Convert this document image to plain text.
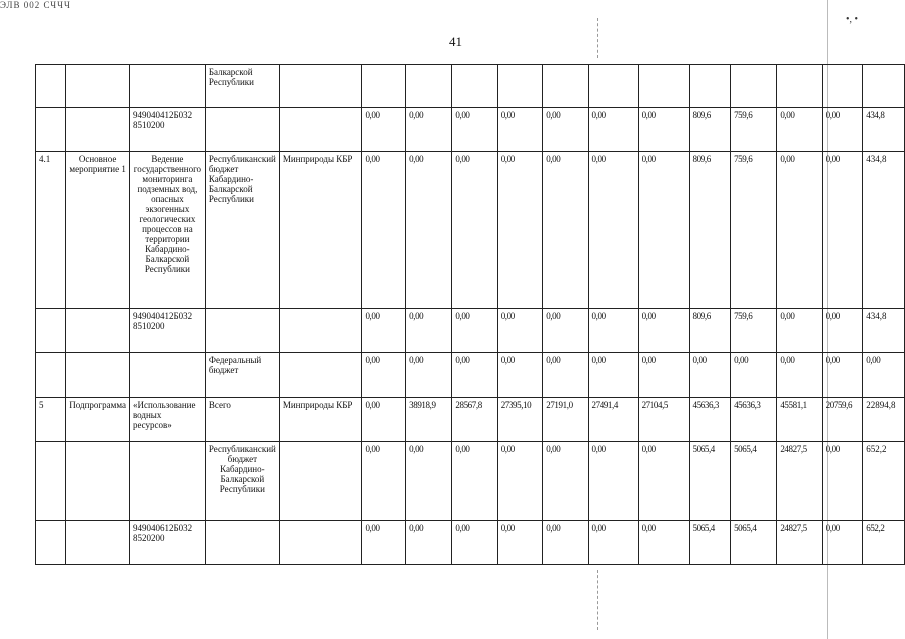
ЭЛВ 002 СЧЧЧ
41
•, •
			Балкарской Республики													
		949040412Б032 8510200			0,00	0,00	0,00	0,00	0,00	0,00	0,00	809,6	759,6	0,00	0,00	434,8
4.1	Основное мероприятие 1	Ведение государственного мониторинга подземных вод, опасных экзогенных геологических процессов на территории Кабардино-Балкарской Республики	Республиканский бюджет Кабардино-Балкарской Республики	Минприроды КБР	0,00	0,00	0,00	0,00	0,00	0,00	0,00	809,6	759,6	0,00	0,00	434,8
		949040412Б032 8510200			0,00	0,00	0,00	0,00	0,00	0,00	0,00	809,6	759,6	0,00	0,00	434,8
			Федеральный бюджет		0,00	0,00	0,00	0,00	0,00	0,00	0,00	0,00	0,00	0,00	0,00	0,00
5	Подпрограмма	«Использование водных ресурсов»	Всего	Минприроды КБР	0,00	38918,9	28567,8	27395,10	27191,0	27491,4	27104,5	45636,3	45636,3	45581,1	20759,6	22894,8
			Республиканский бюджет Кабардино-Балкарской Республики		0,00	0,00	0,00	0,00	0,00	0,00	0,00	5065,4	5065,4	24827,5	0,00	652,2
		949040612Б032 8520200			0,00	0,00	0,00	0,00	0,00	0,00	0,00	5065,4	5065,4	24827,5	0,00	652,2
